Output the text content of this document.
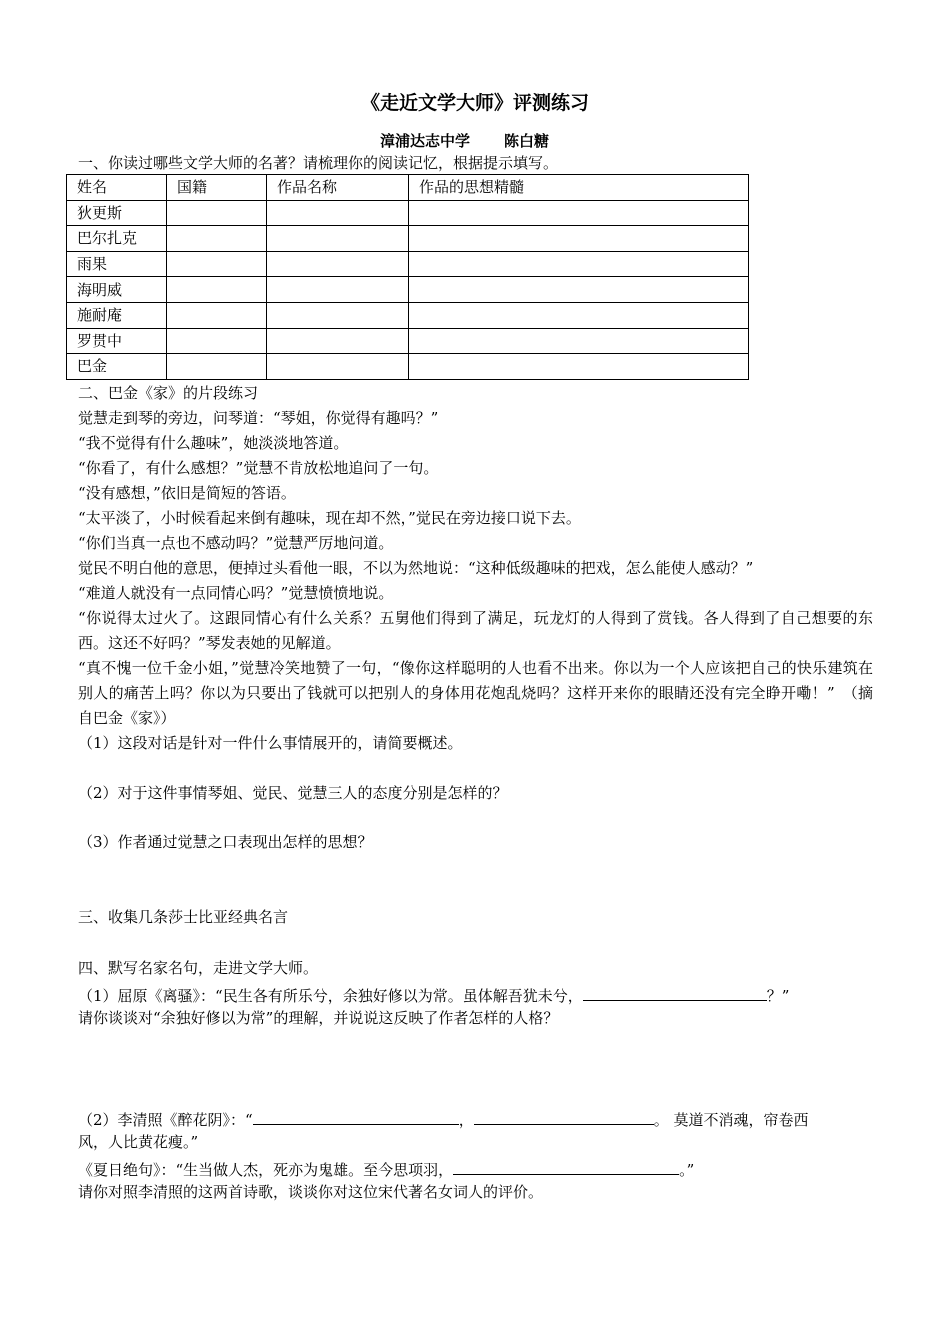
《走近文学大师》评测练习
漳浦达志中学 陈白糖
一、你读过哪些文学大师的名著？请梳理你的阅读记忆，根据提示填写。
姓名	国籍	作品名称	作品的思想精髓
狄更斯			
巴尔扎克			
雨果			
海明威			
施耐庵			
罗贯中			
巴金			
二、巴金《家》的片段练习
觉慧走到琴的旁边，问琴道：“琴姐，你觉得有趣吗？”
“我不觉得有什么趣味”，她淡淡地答道。
“你看了，有什么感想？”觉慧不肯放松地追问了一句。
“没有感想，”依旧是简短的答语。
“太平淡了，小时候看起来倒有趣味，现在却不然，”觉民在旁边接口说下去。
“你们当真一点也不感动吗？”觉慧严厉地问道。
觉民不明白他的意思，便掉过头看他一眼，不以为然地说：“这种低级趣味的把戏，怎么能使人感动？”
“难道人就没有一点同情心吗？”觉慧愤愤地说。
“你说得太过火了。这跟同情心有什么关系？五舅他们得到了满足，玩龙灯的人得到了赏钱。各人得到了自己想要的东西。这还不好吗？”琴发表她的见解道。
“真不愧一位千金小姐，”觉慧冷笑地赞了一句，“像你这样聪明的人也看不出来。你以为一个人应该把自己的快乐建筑在别人的痛苦上吗？你以为只要出了钱就可以把别人的身体用花炮乱烧吗？这样开来你的眼睛还没有完全睁开嘞！”　（摘自巴金《家》）
（1）这段对话是针对一件什么事情展开的，请简要概述。
（2）对于这件事情琴姐、觉民、觉慧三人的态度分别是怎样的？
（3）作者通过觉慧之口表现出怎样的思想？
三、收集几条莎士比亚经典名言
四、默写名家名句，走进文学大师。
（1）屈原《离骚》：“民生各有所乐兮，余独好修以为常。虽体解吾犹未兮，	？”
请你谈谈对“余独好修以为常”的理解，并说说这反映了作者怎样的人格？
（2）李清照《醉花阴》：“	，	。 莫道不消魂，帘卷西
风，人比黄花瘦。”
《夏日绝句》：“生当做人杰，死亦为鬼雄。至今思项羽，	。”
请你对照李清照的这两首诗歌，谈谈你对这位宋代著名女词人的评价。
